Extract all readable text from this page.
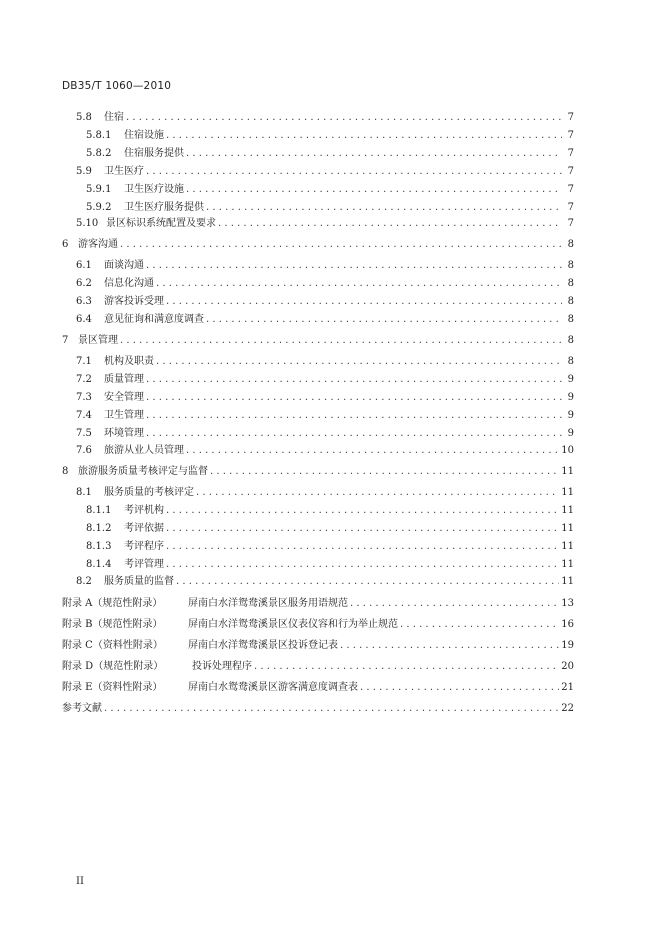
DB35/T 1060—2010
5.8	住宿 . . .	7
5.8.1	住宿设施 . . .	7
5.8.2	住宿服务提供 . . .	7
5.9	卫生医疗 . . .	7
5.9.1	卫生医疗设施 . . .	7
5.9.2	卫生医疗服务提供 . . .	7
5.10 景区标识系统配置及要求 . . .	7
6 游客沟通 . . .	8
6.1	面谈沟通 . . .	8
6.2	信息化沟通 . . .	8
6.3	游客投诉受理 . . .	8
6.4	意见征询和满意度调查 . . .	8
7 景区管理 . . .	8
7.1	机构及职责 . . .	8
7.2	质量管理 . . .	9
7.3	安全管理 . . .	9
7.4	卫生管理 . . .	9
7.5	环境管理 . . .	9
7.6	旅游从业人员管理 . . .	10
8 旅游服务质量考核评定与监督 . . .	11
8.1	服务质量的考核评定 . . .	11
8.1.1	考评机构 . . .	11
8.1.2	考评依据 . . .	11
8.1.3	考评程序 . . .	11
8.1.4	考评管理 . . .	11
8.2	服务质量的监督 . . .	11
附录 A（规范性附录）	屏南白水洋鸳鸯溪景区服务用语规范 . . .	13
附录 B（规范性附录）	屏南白水洋鸳鸯溪景区仪表仪容和行为举止规范 . . .	16
附录 C（资料性附录）	屏南白水洋鸳鸯溪景区投诉登记表 . . .	19
附录 D（规范性附录）	投诉处理程序 . . .	20
附录 E（资料性附录）	屏南白水鸳鸯溪景区游客满意度调查表 . . .	21
参考文献 . . .	22
II
